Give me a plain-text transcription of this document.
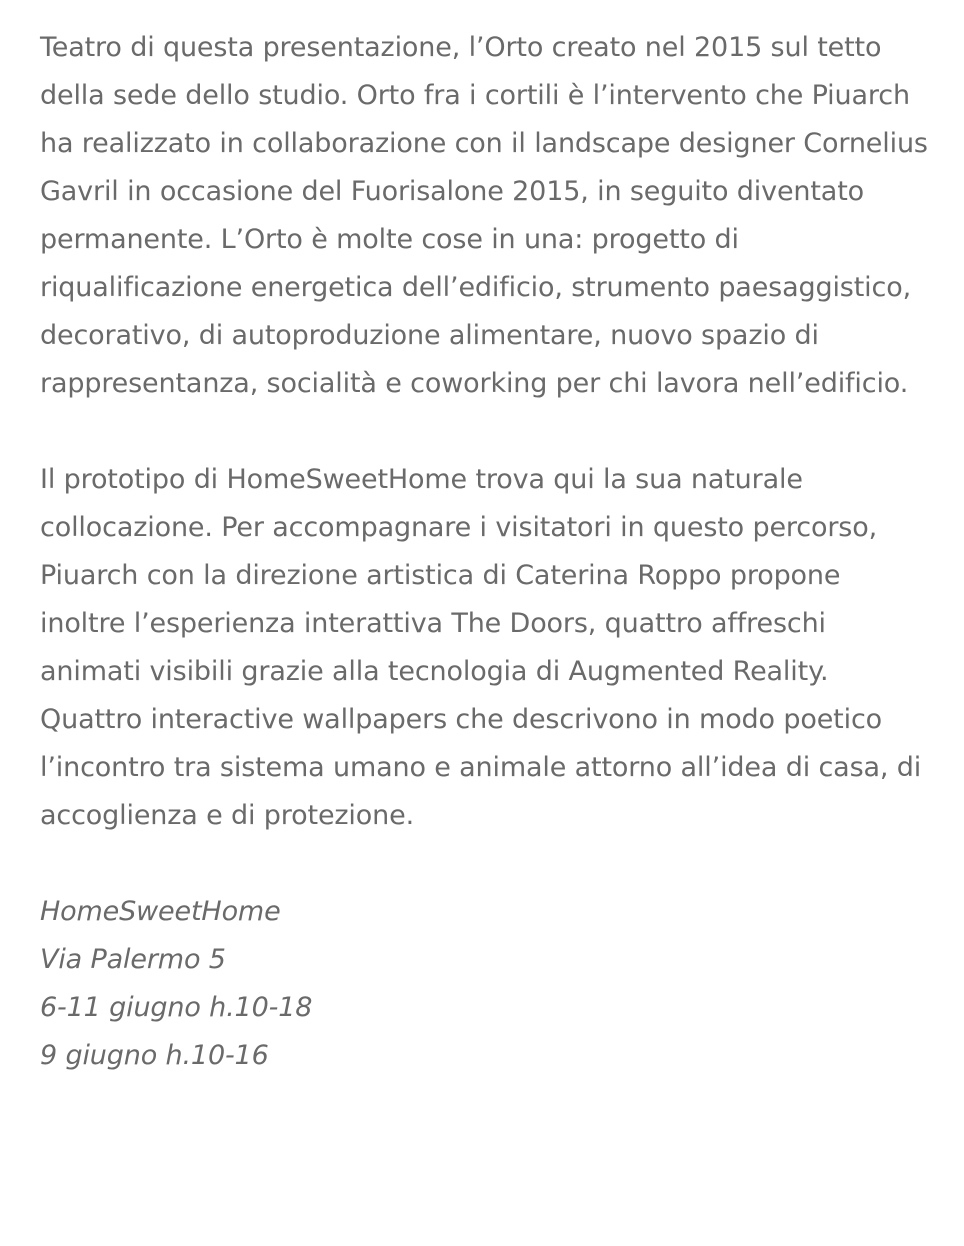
Teatro di questa presentazione, l’Orto creato nel 2015 sul tetto della sede dello studio. Orto fra i cortili è l’intervento che Piuarch ha realizzato in collaborazione con il landscape designer Cornelius Gavril in occasione del Fuorisalone 2015, in seguito diventato permanente. L’Orto è molte cose in una: progetto di riqualificazione energetica dell’edificio, strumento paesaggistico, decorativo, di autoproduzione alimentare, nuovo spazio di rappresentanza, socialità e coworking per chi lavora nell’edificio.

Il prototipo di HomeSweetHome trova qui la sua naturale collocazione. Per accompagnare i visitatori in questo percorso, Piuarch con la direzione artistica di Caterina Roppo propone inoltre l’esperienza interattiva The Doors, quattro affreschi animati visibili grazie alla tecnologia di Augmented Reality. Quattro interactive wallpapers che descrivono in modo poetico l’incontro tra sistema umano e animale attorno all’idea di casa, di accoglienza e di protezione.

HomeSweetHome
Via Palermo 5
6-11 giugno h.10-18
9 giugno h.10-16
